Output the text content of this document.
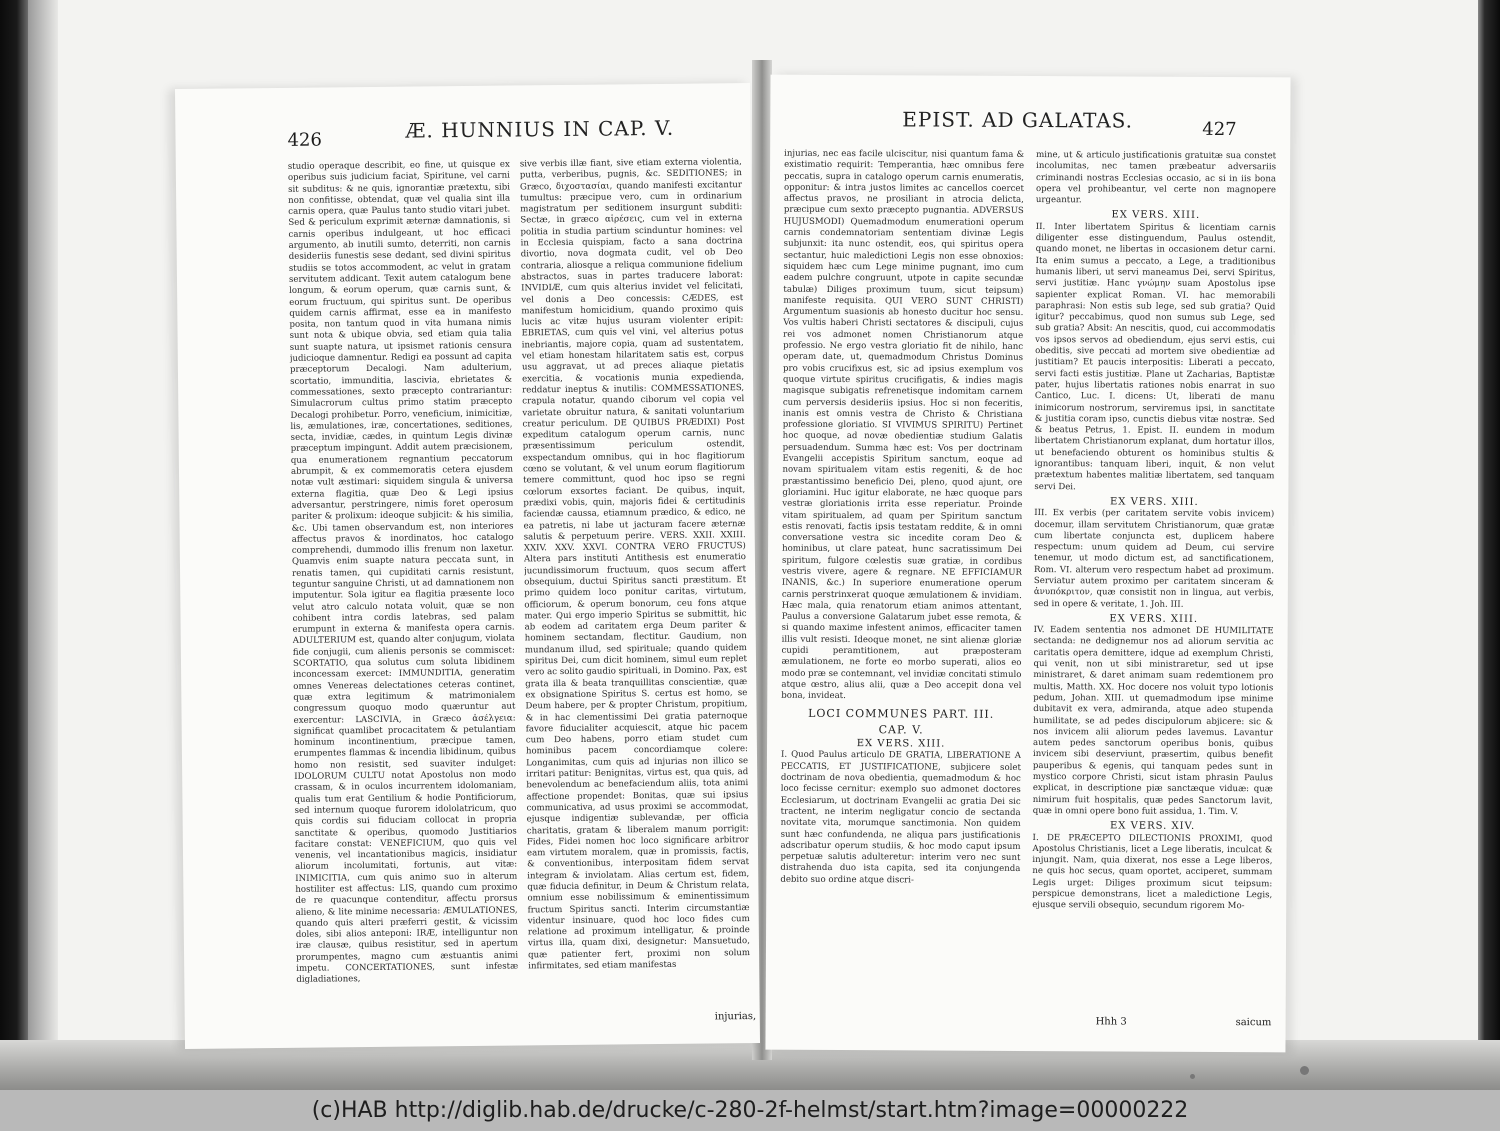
426	Æ. HUNNIUS IN CAP. V.

studio operaque describit, eo fine, ut quisque ex operibus suis judicium faciat, Spiritune, vel carni sit subditus: & ne quis, ignorantiæ prætextu, sibi non confitisse, obtendat, quæ vel qualia sint illa carnis opera, quæ Paulus tanto studio vitari jubet. Sed & periculum exprimit æternæ damnationis, si carnis operibus indulgeant, ut hoc efficaci argumento, ab inutili sumto, deterriti, non carnis desideriis funestis sese dedant, sed divini spiritus studiis se totos accommodent, ac velut in gratam servitutem addicant. Texit autem catalogum bene longum, & eorum operum, quæ carnis sunt, & eorum fructuum, qui spiritus sunt. De operibus quidem carnis affirmat, esse ea in manifesto posita, non tantum quod in vita humana nimis sunt nota & ubique obvia, sed etiam quia talia sunt suapte natura, ut ipsismet rationis censura judicioque damnentur. Redigi ea possunt ad capita præceptorum Decalogi. Nam adulterium, scortatio, immunditia, lascivia, ebrietates & commessationes, sexto præcepto contrariantur: Simulacrorum cultus primo statim præcepto Decalogi prohibetur. Porro, veneficium, inimicitiæ, lis, æmulationes, iræ, concertationes, seditiones, secta, invidiæ, cædes, in quintum Legis divinæ præceptum impingunt. Addit autem præcisionem, qua enumerationem regnantium peccatorum abrumpit, & ex commemoratis cetera ejusdem notæ vult æstimari: siquidem singula & universa externa flagitia, quæ Deo & Legi ipsius adversantur, perstringere, nimis foret operosum pariter & prolixum: ideoque subjicit: & his similia, &c. Ubi tamen observandum est, non interiores affectus pravos & inordinatos, hoc catalogo comprehendi, dummodo illis frenum non laxetur. Quamvis enim suapte natura peccata sunt, in renatis tamen, qui cupiditati carnis resistunt, teguntur sanguine Christi, ut ad damnationem non imputentur. Sola igitur ea flagitia præsente loco velut atro calculo notata voluit, quæ se non cohibent intra cordis latebras, sed palam erumpunt in externa & manifesta opera carnis. ADULTERIUM est, quando alter conjugum, violata fide conjugii, cum alienis personis se commiscet: SCORTATIO, qua solutus cum soluta libidinem inconcessam exercet: IMMUNDITIA, generatim omnes Venereas delectationes ceteras continet, quæ extra legitimum & matrimonialem congressum quoquo modo quæruntur aut exercentur: LASCIVIA, in Græco ἀσέλγεια: significat quamlibet procacitatem & petulantiam hominum incontinentium, præcipue tamen, erumpentes flammas & incendia libidinum, quibus homo non resistit, sed suaviter indulget: IDOLORUM CULTU notat Apostolus non modo crassam, & in oculos incurrentem idolomaniam, qualis tum erat Gentilium & hodie Pontificiorum, sed internum quoque furorem idololatricum, quo quis cordis sui fiduciam collocat in propria sanctitate & operibus, quomodo Justitiarios facitare constat: VENEFICIUM, quo quis vel venenis, vel incantationibus magicis, insidiatur aliorum incolumitati, fortunis, aut vitæ: INIMICITIA, cum quis animo suo in alterum hostiliter est affectus: LIS, quando cum proximo de re quacunque contenditur, affectu prorsus alieno, & lite minime necessaria: ÆMULATIONES, quando quis alteri præferri gestit, & vicissim doles, sibi alios anteponi: IRÆ, intelliguntur non iræ clausæ, quibus resistitur, sed in apertum prorumpentes, magno cum æstuantis animi impetu. CONCERTATIONES, sunt infestæ digladiationes,

sive verbis illæ fiant, sive etiam externa violentia, putta, verberibus, pugnis, &c. SEDITIONES; in Græco, διχοστασίαι, quando manifesti excitantur tumultus: præcipue vero, cum in ordinarium magistratum per seditionem insurgunt subditi: Sectæ, in græco αἱρέσεις, cum vel in externa politia in studia partium scinduntur homines: vel in Ecclesia quispiam, facto a sana doctrina divortio, nova dogmata cudit, vel ob Deo contraria, aliosque a reliqua communione fidelium abstractos, suas in partes traducere laborat: INVIDIÆ, cum quis alterius invidet vel felicitati, vel donis a Deo concessis: CÆDES, est manifestum homicidium, quando proximo quis lucis ac vitæ hujus usuram violenter eripit: EBRIETAS, cum quis vel vini, vel alterius potus inebriantis, majore copia, quam ad sustentatem, vel etiam honestam hilaritatem satis est, corpus usu aggravat, ut ad preces aliaque pietatis exercitia, & vocationis munia expedienda, reddatur ineptus & inutilis: COMMESSATIONES, crapula notatur, quando ciborum vel copia vel varietate obruitur natura, & sanitati voluntarium creatur periculum. DE QUIBUS PRÆDIXI) Post expeditum catalogum operum carnis, nunc præsentissimum periculum ostendit, exspectandum omnibus, qui in hoc flagitiorum cœno se volutant, & vel unum eorum flagitiorum temere committunt, quod hoc ipso se regni cœlorum exsortes faciant. De quibus, inquit, prædixi vobis, quin, majoris fidei & certitudinis faciendæ caussa, etiamnum prædico, & edico, ne ea patretis, ni labe ut jacturam facere æternæ salutis & perpetuum perire. VERS. XXII. XXIII. XXIV. XXV. XXVI. CONTRA VERO FRUCTUS) Altera pars instituti Antithesis est enumeratio jucundissimorum fructuum, quos secum affert obsequium, ductui Spiritus sancti præstitum. Et primo quidem loco ponitur caritas, virtutum, officiorum, & operum bonorum, ceu fons atque mater. Qui ergo imperio Spiritus se submittit, hic ab eodem ad caritatem erga Deum pariter & hominem sectandam, flectitur. Gaudium, non mundanum illud, sed spirituale; quando quidem spiritus Dei, cum dicit hominem, simul eum replet vero ac solito gaudio spirituali, in Domino. Pax, est grata illa & beata tranquillitas conscientiæ, quæ ex obsignatione Spiritus S. certus est homo, se Deum habere, per & propter Christum, propitium, & in hac clementissimi Dei gratia paternoque favore fiducialiter acquiescit, atque hic pacem cum Deo habens, porro etiam studet cum hominibus pacem concordiamque colere: Longanimitas, cum quis ad injurias non illico se irritari patitur: Benignitas, virtus est, qua quis, ad benevolendum ac benefaciendum aliis, tota animi affectione propendet: Bonitas, quæ sui ipsius communicativa, ad usus proximi se accommodat, ejusque indigentiæ sublevandæ, per officia charitatis, gratam & liberalem manum porrigit: Fides, Fidei nomen hoc loco significare arbitror eam virtutem moralem, quæ in promissis, factis, & conventionibus, interpositam fidem servat integram & inviolatam. Alias certum est, fidem, quæ fiducia definitur, in Deum & Christum relata, omnium esse nobilissimum & eminentissimum fructum Spiritus sancti. Interim circumstantiæ videntur insinuare, quod hoc loco fides cum relatione ad proximum intelligatur, & proinde virtus illa, quam dixi, designetur: Mansuetudo, quæ patienter fert, proximi non solum infirmitates, sed etiam manifestas

injurias,
EPIST. AD GALATAS.	427

injurias, nec eas facile ulciscitur, nisi quantum fama & existimatio requirit: Temperantia, hæc omnibus fere peccatis, supra in catalogo operum carnis enumeratis, opponitur: & intra justos limites ac cancellos coercet affectus pravos, ne prosiliant in atrocia delicta, præcipue cum sexto præcepto pugnantia. ADVERSUS HUJUSMODI) Quemadmodum enumerationi operum carnis condemnatoriam sententiam divinæ Legis subjunxit: ita nunc ostendit, eos, qui spiritus opera sectantur, huic maledictioni Legis non esse obnoxios: siquidem hæc cum Lege minime pugnant, imo cum eadem pulchre congruunt, utpote in capite secundæ tabulæ) Diliges proximum tuum, sicut teipsum) manifeste requisita. QUI VERO SUNT CHRISTI) Argumentum suasionis ab honesto ducitur hoc sensu. Vos vultis haberi Christi sectatores & discipuli, cujus rei vos admonet nomen Christianorum atque professio. Ne ergo vestra gloriatio fit de nihilo, hanc operam date, ut, quemadmodum Christus Dominus pro vobis crucifixus est, sic ad ipsius exemplum vos quoque virtute spiritus crucifigatis, & indies magis magisque subigatis refrenetisque indomitam carnem cum perversis desideriis ipsius. Hoc si non feceritis, inanis est omnis vestra de Christo & Christiana professione gloriatio. SI VIVIMUS SPIRITU) Pertinet hoc quoque, ad novæ obedientiæ studium Galatis persuadendum. Summa hæc est: Vos per doctrinam Evangelii accepistis Spiritum sanctum, eoque ad novam spiritualem vitam estis regeniti, & de hoc præstantissimo beneficio Dei, pleno, quod ajunt, ore gloriamini. Huc igitur elaborate, ne hæc quoque pars vestræ gloriationis irrita esse reperiatur. Proinde vitam spiritualem, ad quam per Spiritum sanctum estis renovati, factis ipsis testatam reddite, & in omni conversatione vestra sic incedite coram Deo & hominibus, ut clare pateat, hunc sacratissimum Dei spiritum, fulgore cœlestis suæ gratiæ, in cordibus vestris vivere, agere & regnare. NE EFFICIAMUR INANIS, &c.) In superiore enumeratione operum carnis perstrinxerat quoque æmulationem & invidiam. Hæc mala, quia renatorum etiam animos attentant, Paulus a conversione Galatarum jubet esse remota, & si quando maxime infestent animos, efficaciter tamen illis vult resisti. Ideoque monet, ne sint alienæ gloriæ cupidi peramtitionem, aut præposteram æmulationem, ne forte eo morbo superati, alios eo modo præ se contemnant, vel invidiæ concitati stimulo atque œstro, alius alii, quæ a Deo accepit dona vel bona, invideat.

LOCI COMMUNES PART. III.
CAP. V.
EX VERS. XIII.

I. Quod Paulus articulo DE GRATIA, LIBERATIONE A PECCATIS, ET JUSTIFICATIONE, subjicere solet doctrinam de nova obedientia, quemadmodum & hoc loco fecisse cernitur: exemplo suo admonet doctores Ecclesiarum, ut doctrinam Evangelii ac gratia Dei sic tractent, ne interim negligatur concio de sectanda novitate vita, morumque sanctimonia. Non quidem sunt hæc confundenda, ne aliqua pars justificationis adscribatur operum studiis, & hoc modo caput ipsum perpetuæ salutis adulteretur: interim vero nec sunt distrahenda duo ista capita, sed ita conjungenda debito suo ordine atque discri-

mine, ut & articulo justificationis gratuitæ sua constet incolumitas, nec tamen præbeatur adversariis criminandi nostras Ecclesias occasio, ac si in iis bona opera vel prohibeantur, vel certe non magnopere urgeantur.

EX VERS. XIII.

II. Inter libertatem Spiritus & licentiam carnis diligenter esse distinguendum, Paulus ostendit, quando monet, ne libertas in occasionem detur carni. Ita enim sumus a peccato, a Lege, a traditionibus humanis liberi, ut servi maneamus Dei, servi Spiritus, servi justitiæ. Hanc γνώμην suam Apostolus ipse sapienter explicat Roman. VI. hac memorabili paraphrasi: Non estis sub lege, sed sub gratia? Quid igitur? peccabimus, quod non sumus sub Lege, sed sub gratia? Absit: An nescitis, quod, cui accommodatis vos ipsos servos ad obediendum, ejus servi estis, cui obeditis, sive peccati ad mortem sive obedientiæ ad justitiam? Et paucis interpositis: Liberati a peccato, servi facti estis justitiæ. Plane ut Zacharias, Baptistæ pater, hujus libertatis rationes nobis enarrat in suo Cantico, Luc. I. dicens: Ut, liberati de manu inimicorum nostrorum, serviremus ipsi, in sanctitate & justitia coram ipso, cunctis diebus vitæ nostræ. Sed & beatus Petrus, 1. Epist. II. eundem in modum libertatem Christianorum explanat, dum hortatur illos, ut benefaciendo obturent os hominibus stultis & ignorantibus: tanquam liberi, inquit, & non velut prætextum habentes malitiæ libertatem, sed tanquam servi Dei.

EX VERS. XIII.

III. Ex verbis (per caritatem servite vobis invicem) docemur, illam servitutem Christianorum, quæ gratæ cum libertate conjuncta est, duplicem habere respectum: unum quidem ad Deum, cui servire tenemur, ut modo dictum est, ad sanctificationem, Rom. VI. alterum vero respectum habet ad proximum. Serviatur autem proximo per caritatem sinceram & ἀνυπόκριτον, quæ consistit non in lingua, aut verbis, sed in opere & veritate, 1. Joh. III.

EX VERS. XIII.

IV. Eadem sententia nos admonet DE HUMILITATE sectanda: ne dedignemur nos ad aliorum servitia ac caritatis opera demittere, idque ad exemplum Christi, qui venit, non ut sibi ministraretur, sed ut ipse ministraret, & daret animam suam redemtionem pro multis, Matth. XX. Hoc docere nos voluit typo lotionis pedum, Johan. XIII. ut quemadmodum ipse minime dubitavit ex vera, admiranda, atque adeo stupenda humilitate, se ad pedes discipulorum abjicere: sic & nos invicem alii aliorum pedes lavemus. Lavantur autem pedes sanctorum operibus bonis, quibus invicem sibi deserviunt, præsertim, quibus benefit pauperibus & egenis, qui tanquam pedes sunt in mystico corpore Christi, sicut istam phrasin Paulus explicat, in descriptione piæ sanctæque viduæ: quæ nimirum fuit hospitalis, quæ pedes Sanctorum lavit, quæ in omni opere bono fuit assidua, 1. Tim. V.

EX VERS. XIV.

I. DE PRÆCEPTO DILECTIONIS PROXIMI, quod Apostolus Christianis, licet a Lege liberatis, inculcat & injungit. Nam, quia dixerat, nos esse a Lege liberos, ne quis hoc secus, quam oportet, acciperet, summam Legis urget: Diliges proximum sicut teipsum: perspicue demonstrans, licet a maledictione Legis, ejusque servili obsequio, secundum rigorem Mo-

Hhh 3	saicum
(c)HAB http://diglib.hab.de/drucke/c-280-2f-helmst/start.htm?image=00000222
